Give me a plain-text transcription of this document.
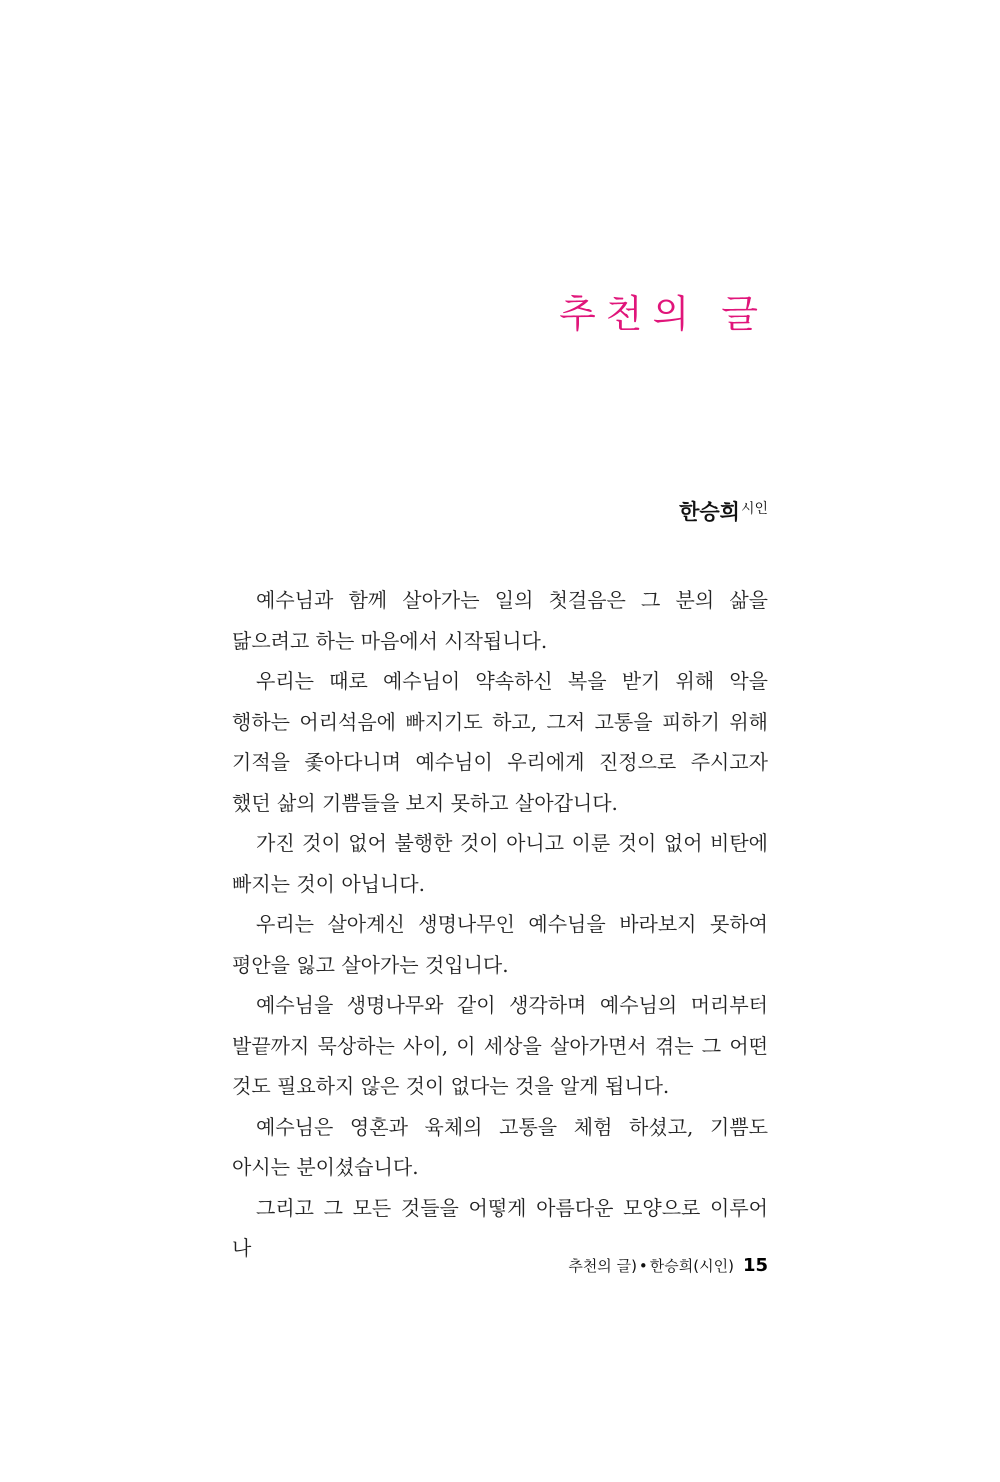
추천의 글

한승희$^{시인}$

예수님과 함께 살아가는 일의 첫걸음은 그 분의 삶을 닮으려고 하는 마음에서 시작됩니다.

우리는 때로 예수님이 약속하신 복을 받기 위해 악을 행하는 어리석음에 빠지기도 하고, 그저 고통을 피하기 위해 기적을 좇아다니며 예수님이 우리에게 진정으로 주시고자 했던 삶의 기쁨들을 보지 못하고 살아갑니다.

가진 것이 없어 불행한 것이 아니고 이룬 것이 없어 비탄에 빠지는 것이 아닙니다.

우리는 살아계신 생명나무인 예수님을 바라보지 못하여 평안을 잃고 살아가는 것입니다.

예수님을 생명나무와 같이 생각하며 예수님의 머리부터 발끝까지 묵상하는 사이, 이 세상을 살아가면서 겪는 그 어떤 것도 필요하지 않은 것이 없다는 것을 알게 됩니다.

예수님은 영혼과 육체의 고통을 체험 하셨고, 기쁨도 아시는 분이셨습니다.

그리고 그 모든 것들을 어떻게 아름다운 모양으로 이루어 나

추천의 글) • 한승희(시인) 15
